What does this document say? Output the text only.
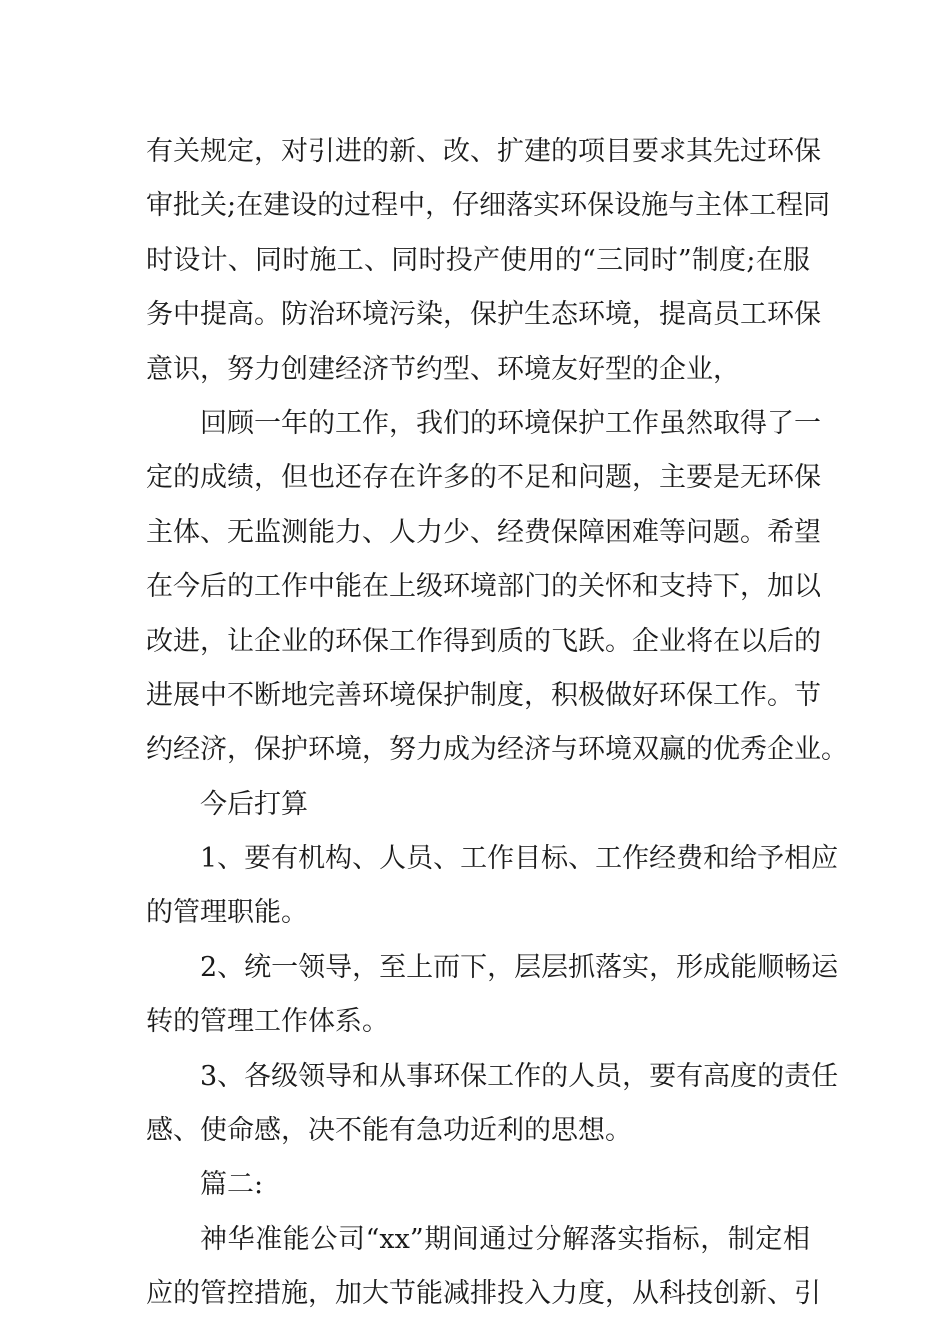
有关规定，对引进的新、改、扩建的项目要求其先过环保
审批关;在建设的过程中，仔细落实环保设施与主体工程同
时设计、同时施工、同时投产使用的“三同时”制度;在服
务中提高。防治环境污染，保护生态环境，提高员工环保
意识，努力创建经济节约型、环境友好型的企业，
回顾一年的工作，我们的环境保护工作虽然取得了一
定的成绩，但也还存在许多的不足和问题，主要是无环保
主体、无监测能力、人力少、经费保障困难等问题。希望
在今后的工作中能在上级环境部门的关怀和支持下，加以
改进，让企业的环保工作得到质的飞跃。企业将在以后的
进展中不断地完善环境保护制度，积极做好环保工作。节
约经济，保护环境，努力成为经济与环境双赢的优秀企业。
今后打算
1、要有机构、人员、工作目标、工作经费和给予相应
的管理职能。
2、统一领导，至上而下，层层抓落实，形成能顺畅运
转的管理工作体系。
3、各级领导和从事环保工作的人员，要有高度的责任
感、使命感，决不能有急功近利的思想。
篇二:
神华准能公司“xx”期间通过分解落实指标，制定相
应的管控措施，加大节能减排投入力度，从科技创新、引
